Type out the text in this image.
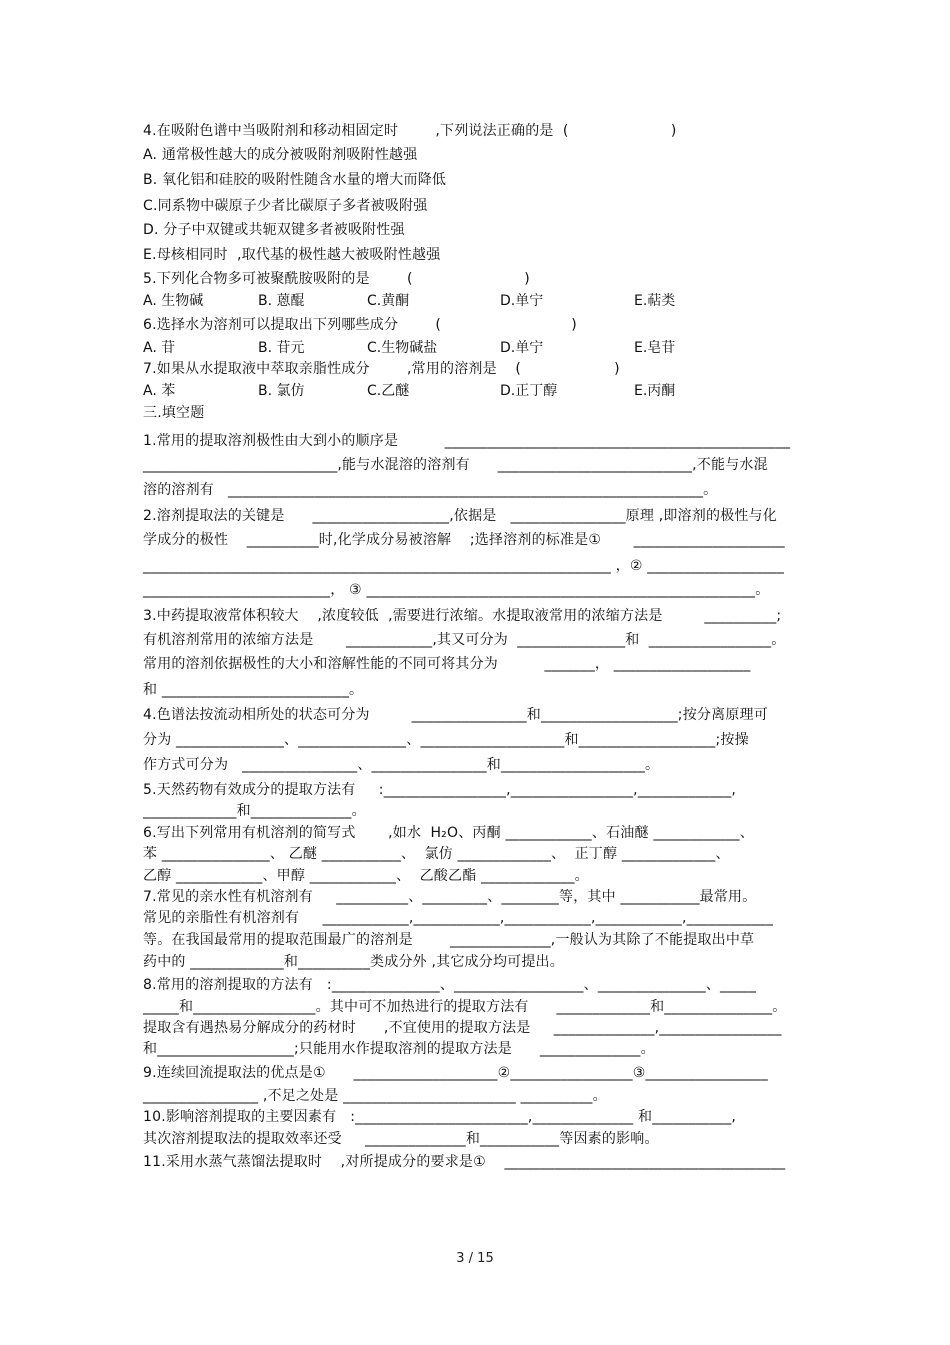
4.在吸附色谱中当吸附剂和移动相固定时        ,下列说法正确的是  (                      )
A. 通常极性越大的成分被吸附剂吸附性越强
B. 氧化铝和硅胶的吸附性随含水量的增大而降低
C.同系物中碳原子少者比碳原子多者被吸附强
D. 分子中双键或共轭双键多者被吸附性强
E.母核相同时  ,取代基的极性越大被吸附性越强
5.下列化合物多可被聚酰胺吸附的是        (                        )
A. 生物碱	B. 蒽醌	C.黄酮	D.单宁	E.萜类
6.选择水为溶剂可以提取出下列哪些成分        (                            )
A. 苷	B. 苷元	C.生物碱盐	D.单宁	E.皂苷
7.如果从水提取液中萃取亲脂性成分        ,常用的溶剂是    (                    )
A. 苯	B. 氯仿	C.乙醚	D.正丁醇	E.丙酮
三.填空题
1.常用的提取溶剂极性由大到小的顺序是          ________________________________________________
___________________________,能与水混溶的溶剂有      ___________________________,不能与水混
溶的溶剂有   __________________________________________________________________。
2.溶剂提取法的关键是      ___________________,依据是   ________________原理 ,即溶剂的极性与化
学成分的极性    __________时,化学成分易被溶解    ;选择溶剂的标准是①       _____________________
_________________________________________________________________ ，② ___________________
__________________________， ③ ______________________________________________________。
3.中药提取液常体积较大    ,浓度较低  ,需要进行浓缩。水提取液常用的浓缩方法是         __________;
有机溶剂常用的浓缩方法是       ____________,其又可分为  _______________和  _________________。
常用的溶剂依据极性的大小和溶解性能的不同可将其分为          _______， ___________________
和 __________________________。
4.色谱法按流动相所处的状态可分为         ________________和___________________;按分离原理可
分为 _______________、_______________、____________________和___________________;按操
作方式可分为   ________________、________________和____________________。
5.天然药物有效成分的提取方法有     :_________________,_________________,_____________,
_____________和______________。
6.写出下列常用有机溶剂的简写式       ,如水  H₂O、丙酮 ____________、石油醚 ____________、
苯 _______________、 乙醚 ___________、  氯仿 _____________、  正丁醇 _____________、
乙醇 ____________、甲醇 ____________、  乙酸乙酯 _____________。
7.常见的亲水性有机溶剂有     __________、_________、________等，其中 ___________最常用。
常见的亲脂性有机溶剂有     ____________,____________,____________,____________,____________
等。在我国最常用的提取范围最广的溶剂是        ______________,一般认为其除了不能提取出中草
药中的 _____________和__________类成分外 ,其它成分均可提出。
8.常用的溶剂提取的方法有   :_______________、__________________、_______________、_____
_____和_________________。其中可不加热进行的提取方法有      _____________和_______________。
提取含有遇热易分解成分的药材时      ,不宜使用的提取方法是     ______________,_________________
和___________________;只能用水作提取溶剂的提取方法是      ______________。
9.连续回流提取法的优点是①      ____________________②_________________③_________________
________________ ,不足之处是 ________________________ __________。
10.影响溶剂提取的主要因素有   :________________________,______________ 和___________,
其次溶剂提取法的提取效率还受     ______________和___________等因素的影响。
11.采用水蒸气蒸馏法提取时    ,对所提成分的要求是①    _______________________________________
3 / 15
